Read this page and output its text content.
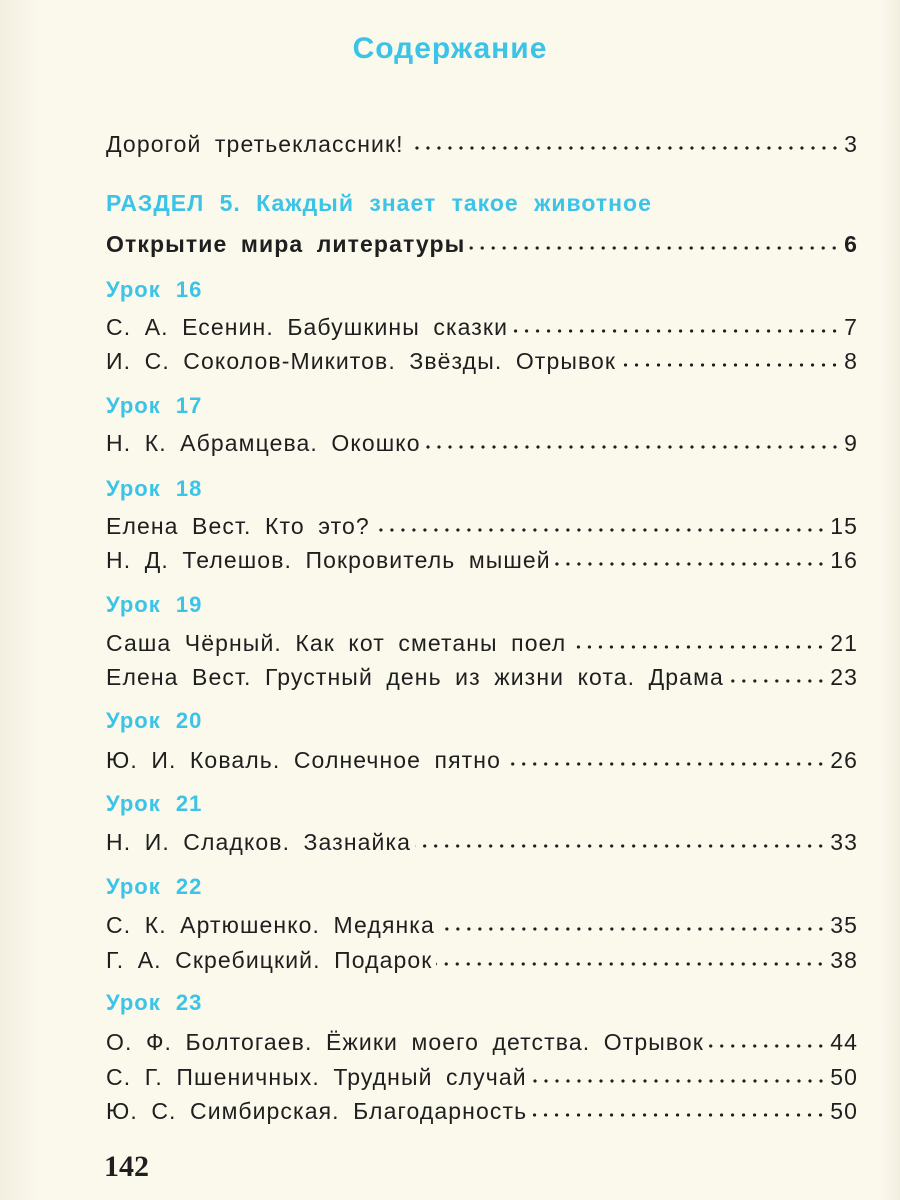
Содержание
Дорогой третьеклассник!	3
РАЗДЕЛ 5. Каждый знает такое животное
Открытие мира литературы	6
Урок 16
С. А. Есенин. Бабушкины сказки	7
И. С. Соколов-Микитов. Звёзды. Отрывок	8
Урок 17
Н. К. Абрамцева. Окошко	9
Урок 18
Елена Вест. Кто это?	15
Н. Д. Телешов. Покровитель мышей	16
Урок 19
Саша Чёрный. Как кот сметаны поел	21
Елена Вест. Грустный день из жизни кота. Драма	23
Урок 20
Ю. И. Коваль. Солнечное пятно	26
Урок 21
Н. И. Сладков. Зазнайка	33
Урок 22
С. К. Артюшенко. Медянка	35
Г. А. Скребицкий. Подарок	38
Урок 23
О. Ф. Болтогаев. Ёжики моего детства. Отрывок	44
С. Г. Пшеничных. Трудный случай	50
Ю. С. Симбирская. Благодарность	50
142
